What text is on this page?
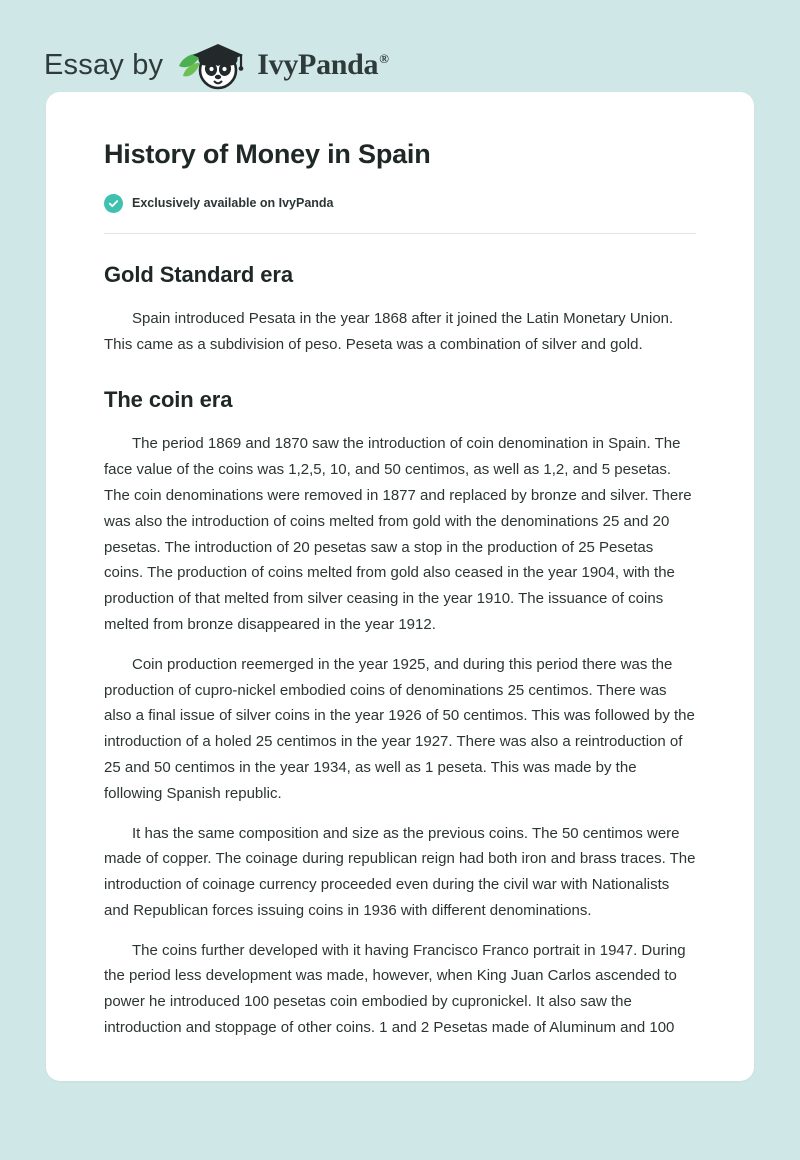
Essay by	IvyPanda®
History of Money in Spain
Exclusively available on IvyPanda
Gold Standard era

Spain introduced Pesata in the year 1868 after it joined the Latin Monetary Union. This came as a subdivision of peso. Peseta was a combination of silver and gold.

The coin era

The period 1869 and 1870 saw the introduction of coin denomination in Spain. The face value of the coins was 1,2,5, 10, and 50 centimos, as well as 1,2, and 5 pesetas. The coin denominations were removed in 1877 and replaced by bronze and silver. There was also the introduction of coins melted from gold with the denominations 25 and 20 pesetas. The introduction of 20 pesetas saw a stop in the production of 25 Pesetas coins. The production of coins melted from gold also ceased in the year 1904, with the production of that melted from silver ceasing in the year 1910. The issuance of coins melted from bronze disappeared in the year 1912.

Coin production reemerged in the year 1925, and during this period there was the production of cupro-nickel embodied coins of denominations 25 centimos. There was also a final issue of silver coins in the year 1926 of 50 centimos. This was followed by the introduction of a holed 25 centimos in the year 1927. There was also a reintroduction of 25 and 50 centimos in the year 1934, as well as 1 peseta. This was made by the following Spanish republic.

It has the same composition and size as the previous coins. The 50 centimos were made of copper. The coinage during republican reign had both iron and brass traces. The introduction of coinage currency proceeded even during the civil war with Nationalists and Republican forces issuing coins in 1936 with different denominations.

The coins further developed with it having Francisco Franco portrait in 1947. During the period less development was made, however, when King Juan Carlos ascended to power he introduced 100 pesetas coin embodied by cupronickel. It also saw the introduction and stoppage of other coins. 1 and 2 Pesetas made of Aluminum and 100
